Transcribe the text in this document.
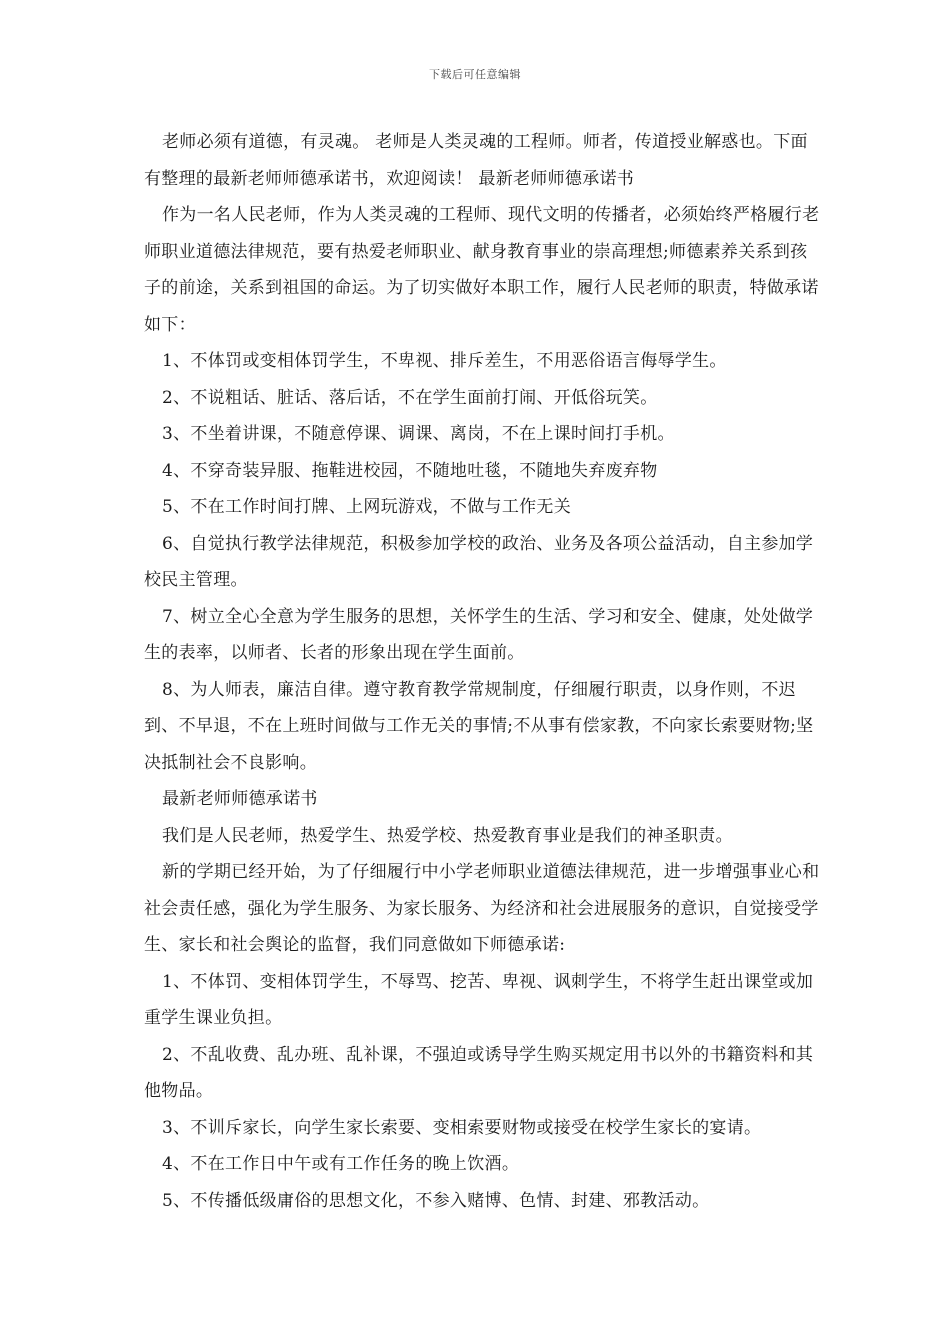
下载后可任意编辑

老师必须有道德，有灵魂。 老师是人类灵魂的工程师。师者，传道授业解惑也。下面有整理的最新老师师德承诺书，欢迎阅读！ 最新老师师德承诺书

作为一名人民老师，作为人类灵魂的工程师、现代文明的传播者，必须始终严格履行老师职业道德法律规范，要有热爱老师职业、献身教育事业的崇高理想;师德素养关系到孩子的前途，关系到祖国的命运。为了切实做好本职工作，履行人民老师的职责，特做承诺如下：

1、不体罚或变相体罚学生，不卑视、排斥差生，不用恶俗语言侮辱学生。

2、不说粗话、脏话、落后话，不在学生面前打闹、开低俗玩笑。

3、不坐着讲课，不随意停课、调课、离岗，不在上课时间打手机。

4、不穿奇装异服、拖鞋进校园，不随地吐毯，不随地失弃废弃物

5、不在工作时间打牌、上网玩游戏，不做与工作无关

6、自觉执行教学法律规范，积极参加学校的政治、业务及各项公益活动，自主参加学校民主管理。

7、树立全心全意为学生服务的思想，关怀学生的生活、学习和安全、健康，处处做学生的表率，以师者、长者的形象出现在学生面前。

8、为人师表，廉洁自律。遵守教育教学常规制度，仔细履行职责，以身作则，不迟到、不早退，不在上班时间做与工作无关的事情;不从事有偿家教，不向家长索要财物;坚决抵制社会不良影响。

最新老师师德承诺书

我们是人民老师，热爱学生、热爱学校、热爱教育事业是我们的神圣职责。

新的学期已经开始，为了仔细履行中小学老师职业道德法律规范，进一步增强事业心和社会责任感，强化为学生服务、为家长服务、为经济和社会进展服务的意识，自觉接受学生、家长和社会舆论的监督，我们同意做如下师德承诺:

1、不体罚、变相体罚学生，不辱骂、挖苦、卑视、讽刺学生，不将学生赶出课堂或加重学生课业负担。

2、不乱收费、乱办班、乱补课，不强迫或诱导学生购买规定用书以外的书籍资料和其他物品。

3、不训斥家长，向学生家长索要、变相索要财物或接受在校学生家长的宴请。

4、不在工作日中午或有工作任务的晚上饮酒。

5、不传播低级庸俗的思想文化，不参入赌博、色情、封建、邪教活动。
